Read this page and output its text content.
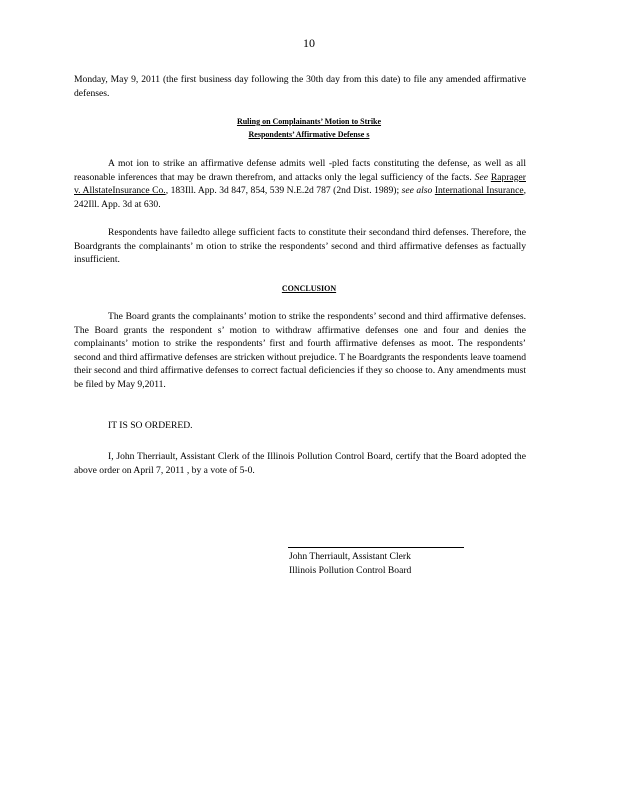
10

Monday, May 9, 2011 (the first business day following the 30th day from this date) to file any amended affirmative defenses.

Ruling on Complainants’ Motion to Strike
Respondents’ Affirmative Defense s

A mot ion to strike an affirmative defense admits well -pled facts constituting the defense, as well as all reasonable inferences that may be drawn therefrom, and attacks only the legal sufficiency of the facts. See Raprager v. AllstateInsurance Co., 183Ill. App. 3d 847, 854, 539 N.E.2d 787 (2nd Dist. 1989); see also International Insurance, 242Ill. App. 3d at 630.

Respondents have failedto allege sufficient facts to constitute their secondand third defenses. Therefore, the Boardgrants the complainants’ m otion to strike the respondents’ second and third affirmative defenses as factually insufficient.

CONCLUSION

The Board grants the complainants’ motion to strike the respondents’ second and third affirmative defenses. The Board grants the respondent s’ motion to withdraw affirmative defenses one and four and denies the complainants’ motion to strike the respondents’ first and fourth affirmative defenses as moot. The respondents’ second and third affirmative defenses are stricken without prejudice. T he Boardgrants the respondents leave toamend their second and third affirmative defenses to correct factual deficiencies if they so choose to. Any amendments must be filed by May 9,2011.

IT IS SO ORDERED.

I, John Therriault, Assistant Clerk of the Illinois Pollution Control Board, certify that the Board adopted the above order on April 7, 2011 , by a vote of 5-0.

John Therriault, Assistant Clerk
Illinois Pollution Control Board
